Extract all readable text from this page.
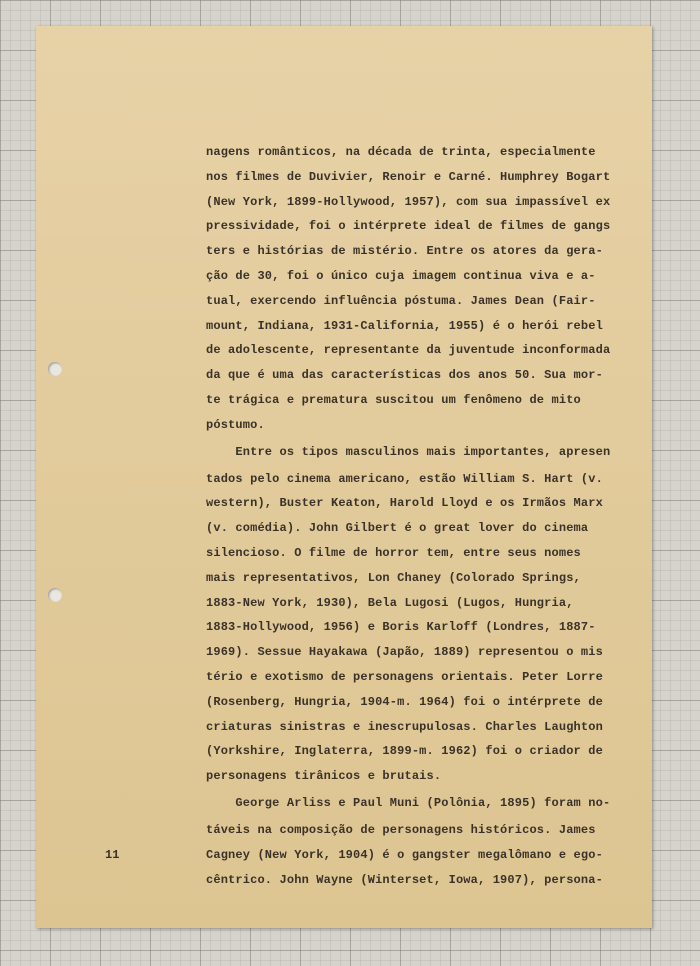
nagens românticos, na década de trinta, especialmente
nos filmes de Duvivier, Renoir e Carné. Humphrey Bogart
(New York, 1899-Hollywood, 1957), com sua impassível ex
pressividade, foi o intérprete ideal de filmes de gangs
ters e histórias de mistério. Entre os atores da gera-
ção de 30, foi o único cuja imagem continua viva e a-
tual, exercendo influência póstuma. James Dean (Fair-
mount, Indiana, 1931-California, 1955) é o herói rebel
de adolescente, representante da juventude inconformada
da que é uma das características dos anos 50. Sua mor-
te trágica e prematura suscitou um fenômeno de mito
póstumo.
Entre os tipos masculinos mais importantes, apresen
tados pelo cinema americano, estão William S. Hart (v.
western), Buster Keaton, Harold Lloyd e os Irmãos Marx
(v. comédia). John Gilbert é o great lover do cinema
silencioso. O filme de horror tem, entre seus nomes
mais representativos, Lon Chaney (Colorado Springs,
1883-New York, 1930), Bela Lugosi (Lugos, Hungria,
1883-Hollywood, 1956) e Boris Karloff (Londres, 1887-
1969). Sessue Hayakawa (Japão, 1889) representou o mis
tério e exotismo de personagens orientais. Peter Lorre
(Rosenberg, Hungria, 1904-m. 1964) foi o intérprete de
criaturas sinistras e inescrupulosas. Charles Laughton
(Yorkshire, Inglaterra, 1899-m. 1962) foi o criador de
personagens tirânicos e brutais.
George Arliss e Paul Muni (Polônia, 1895) foram no-
táveis na composição de personagens históricos. James
Cagney (New York, 1904) é o gangster megalômano e ego-
cêntrico. John Wayne (Winterset, Iowa, 1907), persona-
11
